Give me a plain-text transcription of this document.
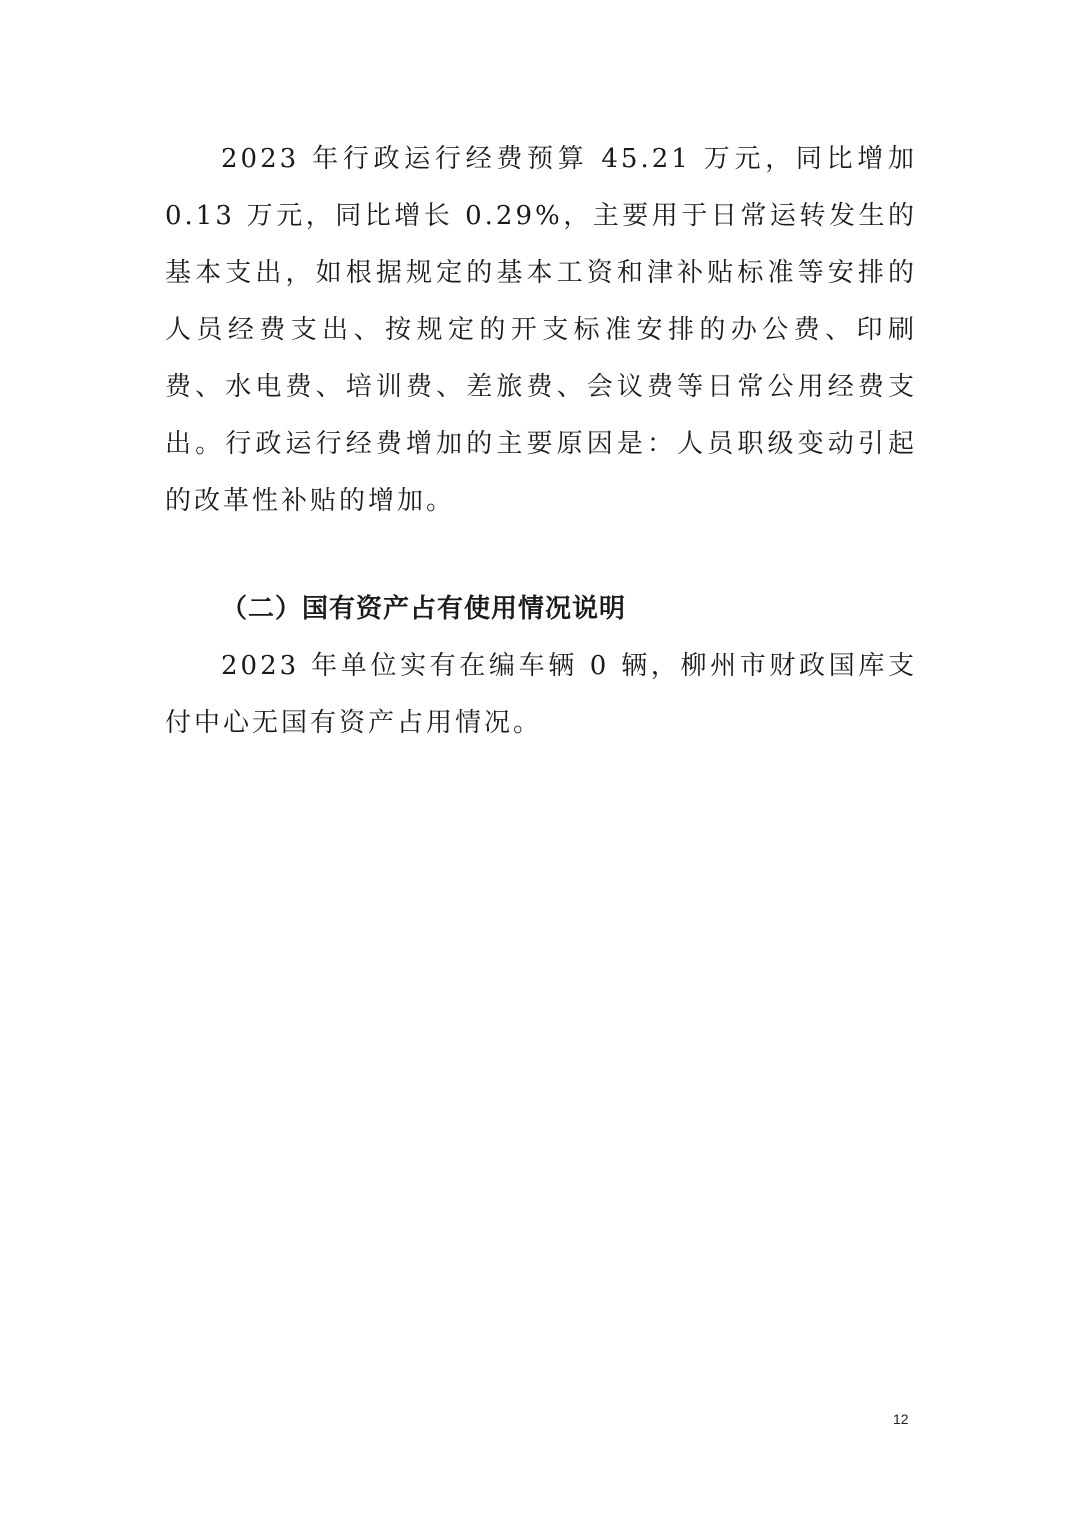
2023 年行政运行经费预算 45.21 万元，同比增加 0.13 万元，同比增长 0.29%，主要用于日常运转发生的基本支出，如根据规定的基本工资和津补贴标准等安排的人员经费支出、按规定的开支标准安排的办公费、印刷费、水电费、培训费、差旅费、会议费等日常公用经费支出。行政运行经费增加的主要原因是：人员职级变动引起的改革性补贴的增加。

（二）国有资产占有使用情况说明

2023 年单位实有在编车辆 0 辆，柳州市财政国库支付中心无国有资产占用情况。

12
